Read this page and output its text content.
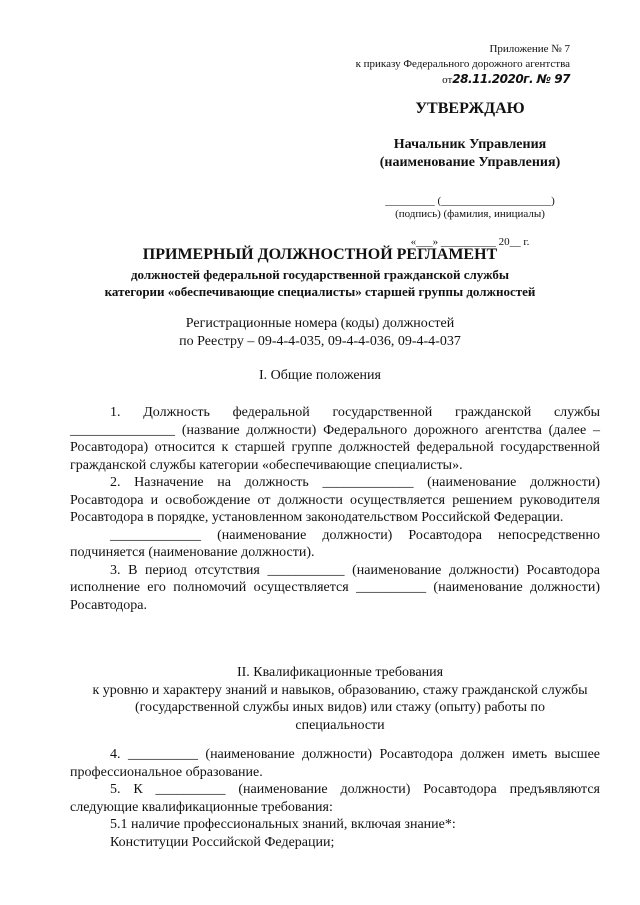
Приложение № 7
к приказу Федерального дорожного агентства
от28.11.2020г. № 97
УТВЕРЖДАЮ
Начальник Управления
(наименование Управления)
_________ (____________________)
(подпись) (фамилия, инициалы)
«___» __________ 20__ г.
ПРИМЕРНЫЙ ДОЛЖНОСТНОЙ РЕГЛАМЕНТ
должностей федеральной государственной гражданской службы
категории «обеспечивающие специалисты» старшей группы должностей
Регистрационные номера (коды) должностей
по Реестру – 09-4-4-035, 09-4-4-036, 09-4-4-037
I. Общие положения

1. Должность федеральной государственной гражданской службы _______________ (название должности) Федерального дорожного агентства (далее – Росавтодора) относится к старшей группе должностей федеральной государственной гражданской службы категории «обеспечивающие специалисты».

2. Назначение на должность _____________ (наименование должности) Росавтодора и освобождение от должности осуществляется решением руководителя Росавтодора в порядке, установленном законодательством Российской Федерации.

_____________ (наименование должности) Росавтодора непосредственно подчиняется (наименование должности).

3. В период отсутствия ___________ (наименование должности) Росавтодора исполнение его полномочий осуществляется __________ (наименование должности) Росавтодора.

II. Квалификационные требования
к уровню и характеру знаний и навыков, образованию, стажу гражданской службы (государственной службы иных видов) или стажу (опыту) работы по специальности

4. __________ (наименование должности) Росавтодора должен иметь высшее профессиональное образование.

5. К __________ (наименование должности) Росавтодора предъявляются следующие квалификационные требования:

5.1 наличие профессиональных знаний, включая знание*:

Конституции Российской Федерации;
